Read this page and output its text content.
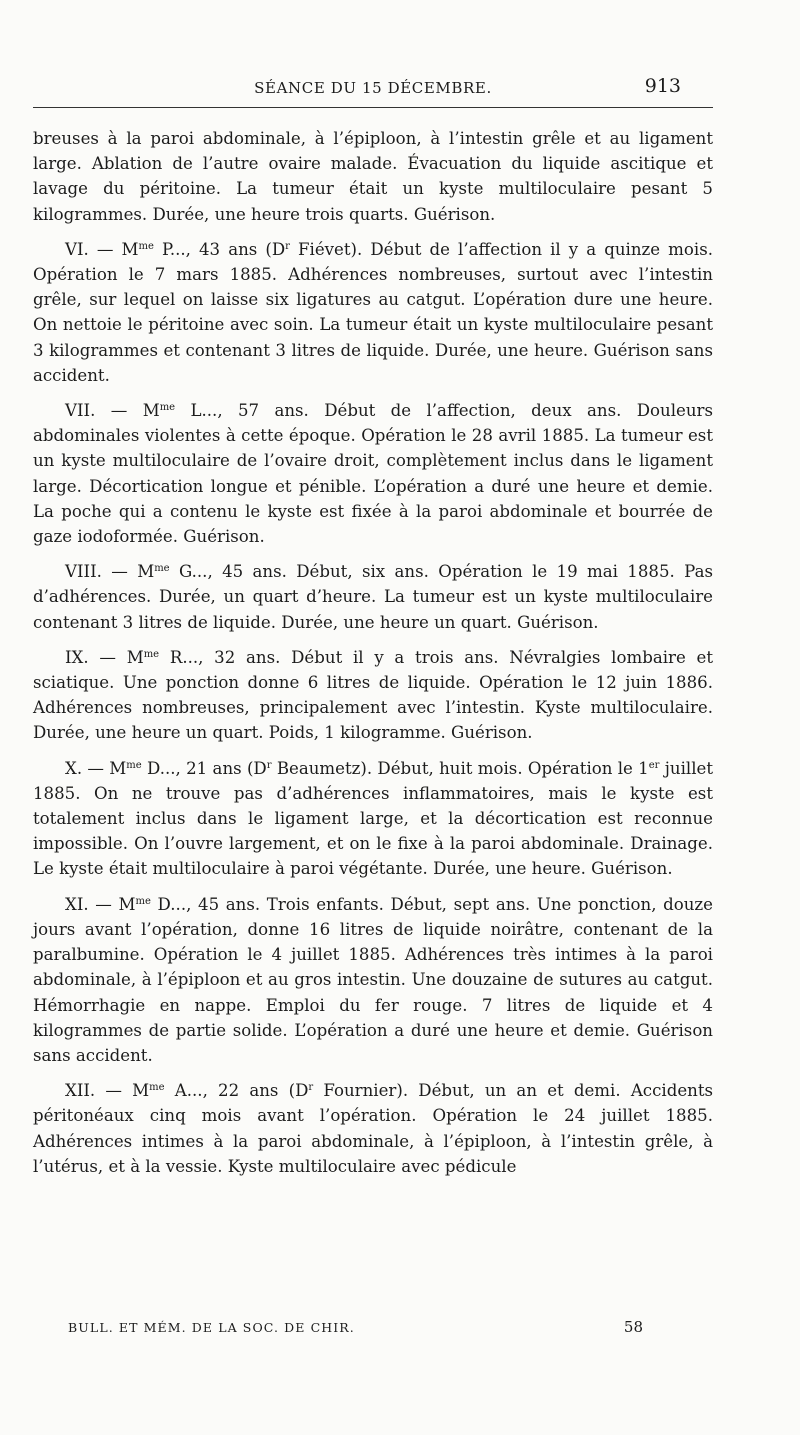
SÉANCE DU 15 DÉCEMBRE.	913

breuses à la paroi abdominale, à l’épiploon, à l’intestin grêle et au ligament large. Ablation de l’autre ovaire malade. Évacuation du liquide ascitique et lavage du péritoine. La tumeur était un kyste multiloculaire pesant 5 kilogrammes. Durée, une heure trois quarts. Guérison.

VI. — $M^{me}$ P..., 43 ans ($D^r$ Fiévet). Début de l’affection il y a quinze mois. Opération le 7 mars 1885. Adhérences nombreuses, surtout avec l’intestin grêle, sur lequel on laisse six ligatures au catgut. L’opération dure une heure. On nettoie le péritoine avec soin. La tumeur était un kyste multiloculaire pesant 3 kilogrammes et contenant 3 litres de liquide. Durée, une heure. Guérison sans accident.

VII. — $M^{me}$ L..., 57 ans. Début de l’affection, deux ans. Douleurs abdominales violentes à cette époque. Opération le 28 avril 1885. La tumeur est un kyste multiloculaire de l’ovaire droit, complètement inclus dans le ligament large. Décortication longue et pénible. L’opération a duré une heure et demie. La poche qui a contenu le kyste est fixée à la paroi abdominale et bourrée de gaze iodoformée. Guérison.

VIII. — $M^{me}$ G..., 45 ans. Début, six ans. Opération le 19 mai 1885. Pas d’adhérences. Durée, un quart d’heure. La tumeur est un kyste multiloculaire contenant 3 litres de liquide. Durée, une heure un quart. Guérison.

IX. — $M^{me}$ R..., 32 ans. Début il y a trois ans. Névralgies lombaire et sciatique. Une ponction donne 6 litres de liquide. Opération le 12 juin 1886. Adhérences nombreuses, principalement avec l’intestin. Kyste multiloculaire. Durée, une heure un quart. Poids, 1 kilogramme. Guérison.

X. — $M^{me}$ D..., 21 ans ($D^r$ Beaumetz). Début, huit mois. Opération le 1er juillet 1885. On ne trouve pas d’adhérences inflammatoires, mais le kyste est totalement inclus dans le ligament large, et la décortication est reconnue impossible. On l’ouvre largement, et on le fixe à la paroi abdominale. Drainage. Le kyste était multiloculaire à paroi végétante. Durée, une heure. Guérison.

XI. — $M^{me}$ D..., 45 ans. Trois enfants. Début, sept ans. Une ponction, douze jours avant l’opération, donne 16 litres de liquide noirâtre, contenant de la paralbumine. Opération le 4 juillet 1885. Adhérences très intimes à la paroi abdominale, à l’épiploon et au gros intestin. Une douzaine de sutures au catgut. Hémorrhagie en nappe. Emploi du fer rouge. 7 litres de liquide et 4 kilogrammes de partie solide. L’opération a duré une heure et demie. Guérison sans accident.

XII. — $M^{me}$ A..., 22 ans ($D^r$ Fournier). Début, un an et demi. Accidents péritonéaux cinq mois avant l’opération. Opération le 24 juillet 1885. Adhérences intimes à la paroi abdominale, à l’épiploon, à l’intestin grêle, à l’utérus, et à la vessie. Kyste multiloculaire avec pédicule

BULL. ET MÉM. DE LA SOC. DE CHIR.	58
